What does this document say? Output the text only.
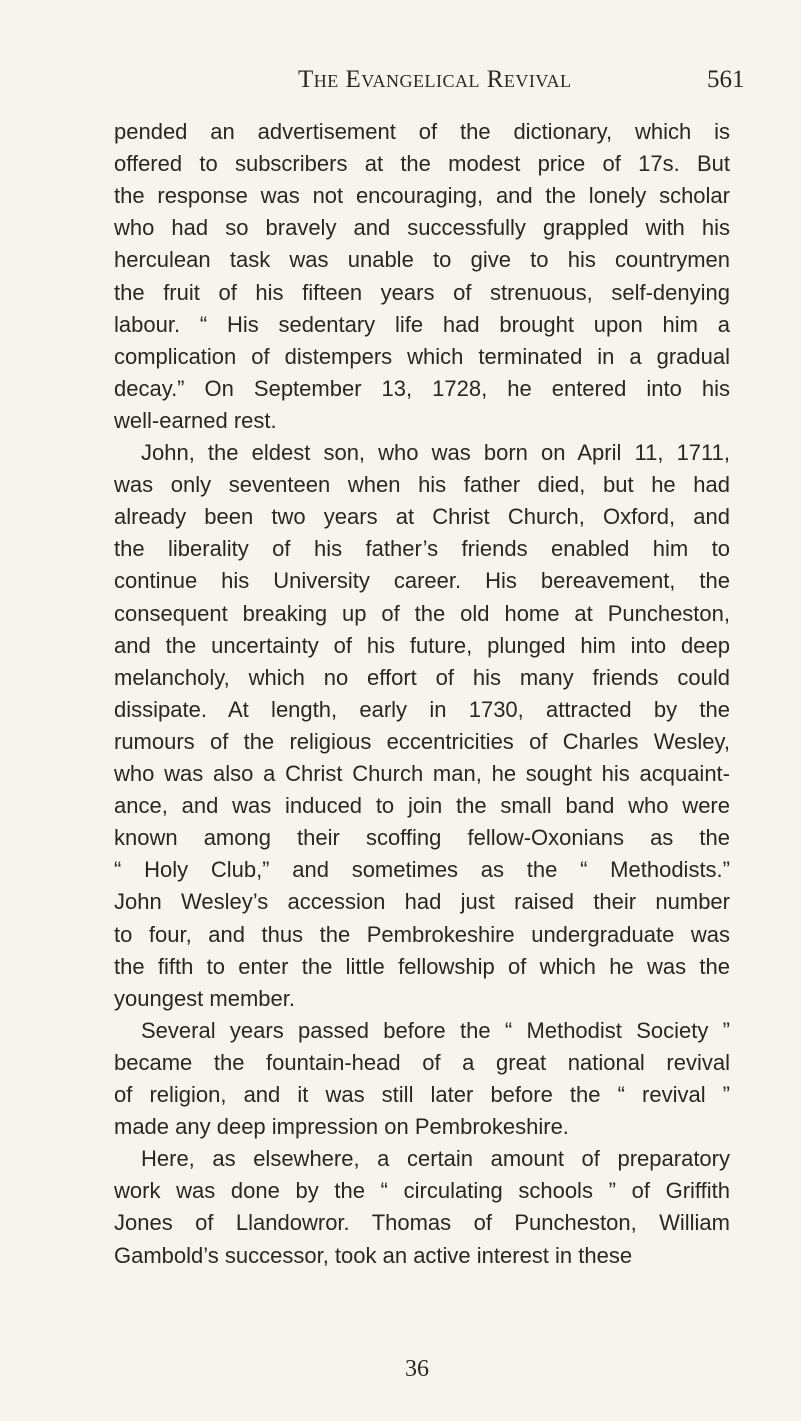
The Evangelical Revival	561
pended an advertisement of the dictionary, which is
offered to subscribers at the modest price of 17s. But
the response was not encouraging, and the lonely scholar
who had so bravely and successfully grappled with his
herculean task was unable to give to his countrymen
the fruit of his fifteen years of strenuous, self-denying
labour. “ His sedentary life had brought upon him a
complication of distempers which terminated in a gradual
decay.” On September 13, 1728, he entered into his
well-earned rest.
John, the eldest son, who was born on April 11, 1711,
was only seventeen when his father died, but he had
already been two years at Christ Church, Oxford, and
the liberality of his father’s friends enabled him to
continue his University career. His bereavement, the
consequent breaking up of the old home at Puncheston,
and the uncertainty of his future, plunged him into deep
melancholy, which no effort of his many friends could
dissipate. At length, early in 1730, attracted by the
rumours of the religious eccentricities of Charles Wesley,
who was also a Christ Church man, he sought his acquaint-
ance, and was induced to join the small band who were
known among their scoffing fellow-Oxonians as the
“ Holy Club,” and sometimes as the “ Methodists.”
John Wesley’s accession had just raised their number
to four, and thus the Pembrokeshire undergraduate was
the fifth to enter the little fellowship of which he was the
youngest member.
Several years passed before the “ Methodist Society ”
became the fountain-head of a great national revival
of religion, and it was still later before the “ revival ”
made any deep impression on Pembrokeshire.
Here, as elsewhere, a certain amount of preparatory
work was done by the “ circulating schools ” of Griffith
Jones of Llandowror. Thomas of Puncheston, William
Gambold’s successor, took an active interest in these
36
